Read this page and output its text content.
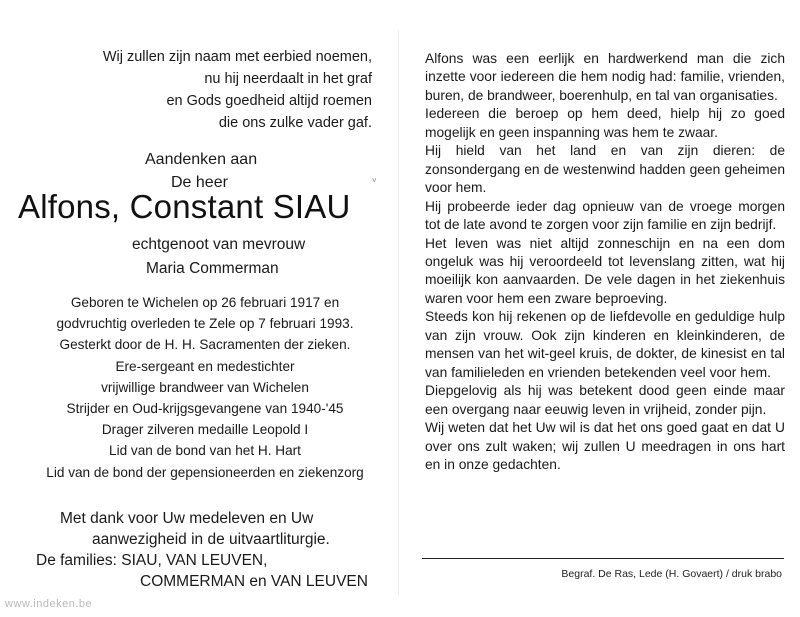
Wij zullen zijn naam met eerbied noemen,
nu hij neerdaalt in het graf
en Gods goedheid altijd roemen
die ons zulke vader gaf.
Aandenken aan
De heer
Alfons, Constant SIAU
˅
echtgenoot van mevrouw
Maria Commerman
Geboren te Wichelen op 26 februari 1917 en
godvruchtig overleden te Zele op 7 februari 1993.
Gesterkt door de H. H. Sacramenten der zieken.
Ere-sergeant en medestichter
vrijwillige brandweer van Wichelen
Strijder en Oud-krijgsgevangene van 1940-'45
Drager zilveren medaille Leopold I
Lid van de bond van het H. Hart
Lid van de bond der gepensioneerden en ziekenzorg
Met dank voor Uw medeleven en Uw
aanwezigheid in de uitvaartliturgie.
De families: SIAU, VAN LEUVEN,
COMMERMAN en VAN LEUVEN
www.indeken.be

Alfons was een eerlijk en hardwerkend man die zich inzette voor iedereen die hem nodig had: familie, vrienden, buren, de brandweer, boerenhulp, en tal van organisaties.

Iedereen die beroep op hem deed, hielp hij zo goed mogelijk en geen inspanning was hem te zwaar.

Hij hield van het land en van zijn dieren: de zonsondergang en de westenwind hadden geen geheimen voor hem.

Hij probeerde ieder dag opnieuw van de vroege morgen tot de late avond te zorgen voor zijn familie en zijn bedrijf.

Het leven was niet altijd zonneschijn en na een dom ongeluk was hij veroordeeld tot levenslang zitten, wat hij moeilijk kon aanvaarden. De vele dagen in het ziekenhuis waren voor hem een zware beproeving.

Steeds kon hij rekenen op de liefdevolle en geduldige hulp van zijn vrouw. Ook zijn kinderen en kleinkinderen, de mensen van het wit-geel kruis, de dokter, de kinesist en tal van familieleden en vrienden betekenden veel voor hem.

Diepgelovig als hij was betekent dood geen einde maar een overgang naar eeuwig leven in vrijheid, zonder pijn.

Wij weten dat het Uw wil is dat het ons goed gaat en dat U over ons zult waken; wij zullen U meedragen in ons hart en in onze gedachten.

Begraf. De Ras, Lede (H. Govaert) / druk brabo
